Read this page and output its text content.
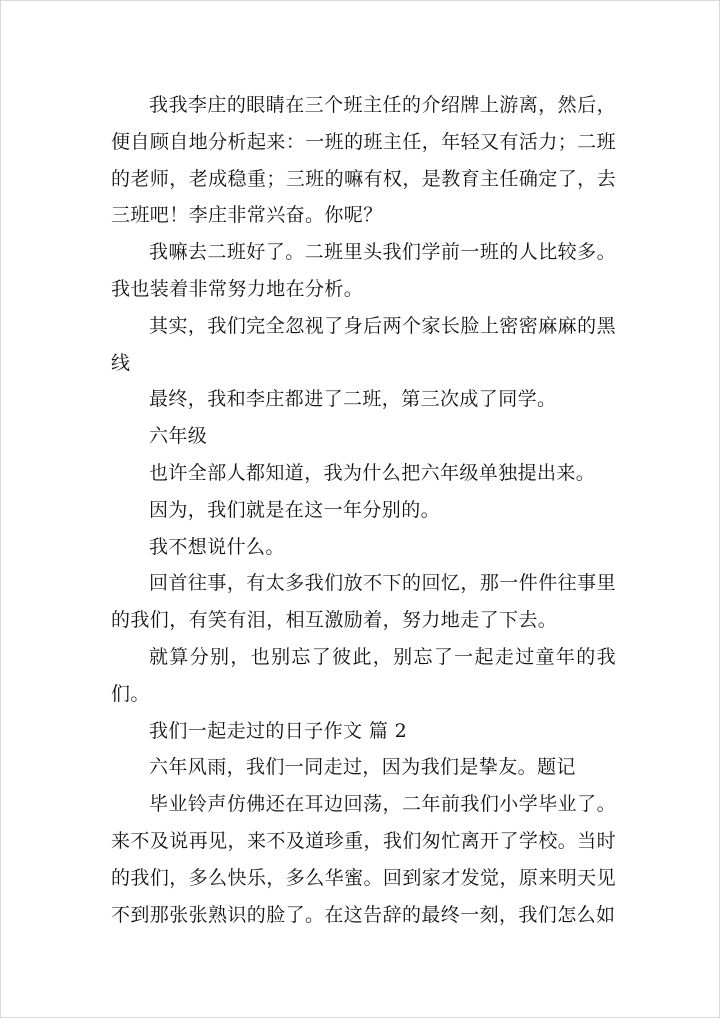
我我李庄的眼睛在三个班主任的介绍牌上游离，然后，便自顾自地分析起来：一班的班主任，年轻又有活力；二班的老师，老成稳重；三班的嘛有权，是教育主任确定了，去三班吧！李庄非常兴奋。你呢？

我嘛去二班好了。二班里头我们学前一班的人比较多。我也装着非常努力地在分析。

其实，我们完全忽视了身后两个家长脸上密密麻麻的黑线

最终，我和李庄都进了二班，第三次成了同学。

六年级

也许全部人都知道，我为什么把六年级单独提出来。

因为，我们就是在这一年分别的。

我不想说什么。

回首往事，有太多我们放不下的回忆，那一件件往事里的我们，有笑有泪，相互激励着，努力地走了下去。

就算分别，也别忘了彼此，别忘了一起走过童年的我们。

我们一起走过的日子作文 篇 2

六年风雨，我们一同走过，因为我们是挚友。题记

毕业铃声仿佛还在耳边回荡，二年前我们小学毕业了。来不及说再见，来不及道珍重，我们匆忙离开了学校。当时的我们，多么快乐，多么华蜜。回到家才发觉，原来明天见不到那张张熟识的脸了。在这告辞的最终一刻，我们怎么如
